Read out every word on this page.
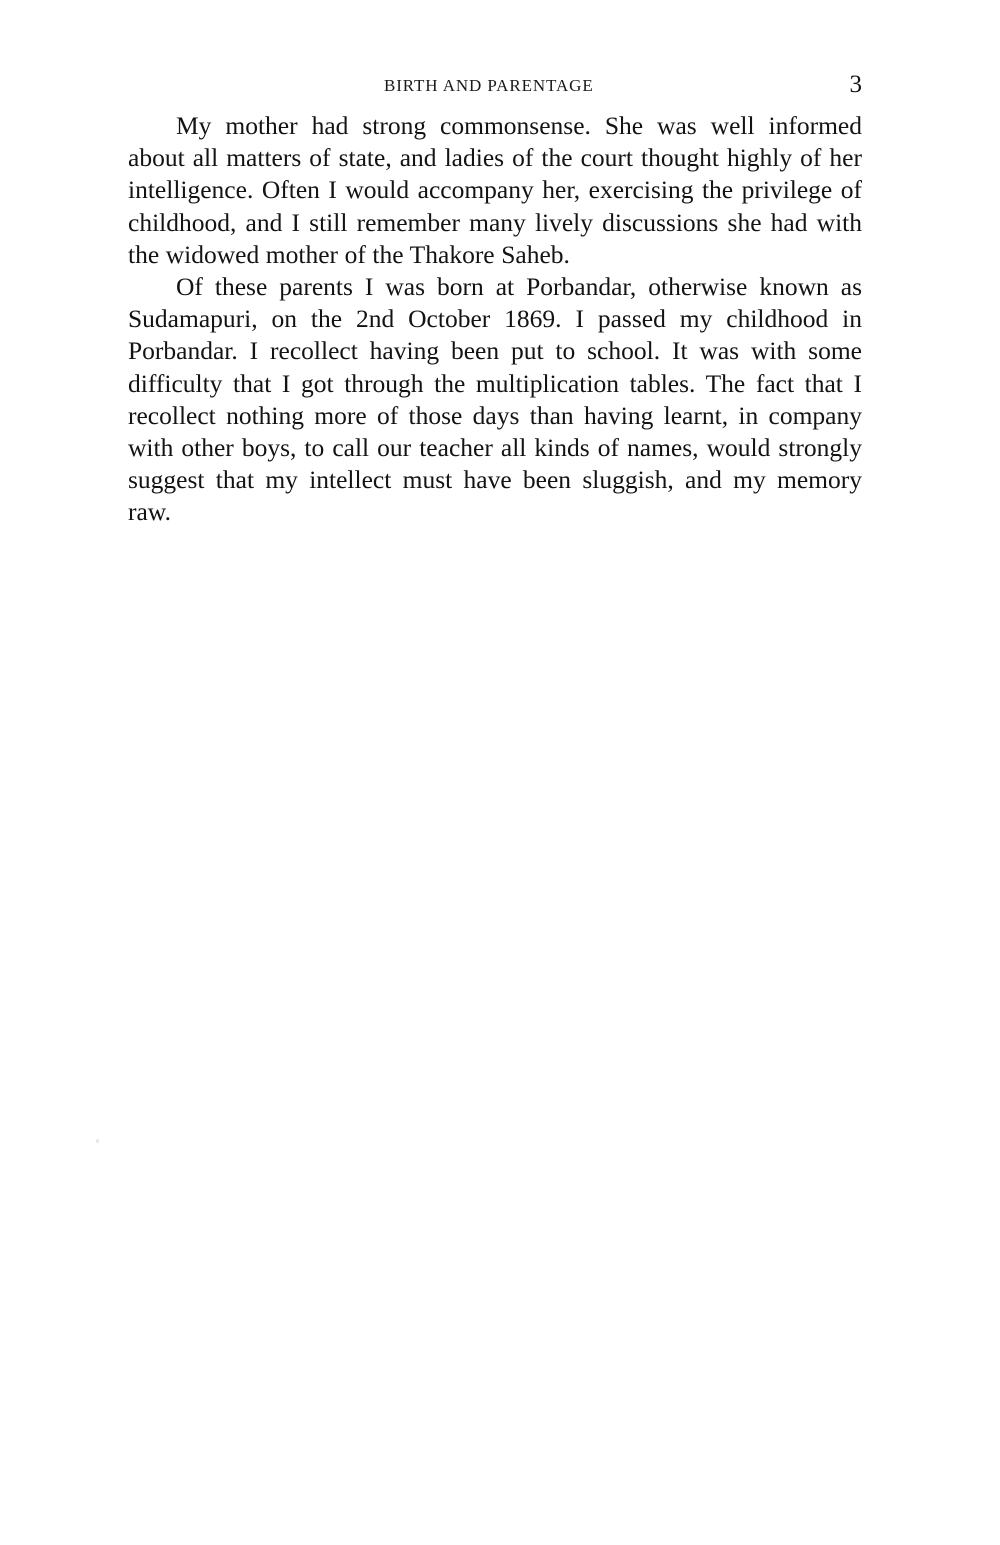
BIRTH AND PARENTAGE	3

My mother had strong commonsense. She was well informed about all matters of state, and ladies of the court thought highly of her intelligence. Often I would accompany her, exercising the privilege of childhood, and I still remember many lively discussions she had with the widowed mother of the Thakore Saheb.

Of these parents I was born at Porbandar, otherwise known as Sudamapuri, on the 2nd October 1869. I passed my childhood in Porbandar. I recollect having been put to school. It was with some difficulty that I got through the multiplication tables. The fact that I recollect nothing more of those days than having learnt, in company with other boys, to call our teacher all kinds of names, would strongly suggest that my intellect must have been sluggish, and my memory raw.
